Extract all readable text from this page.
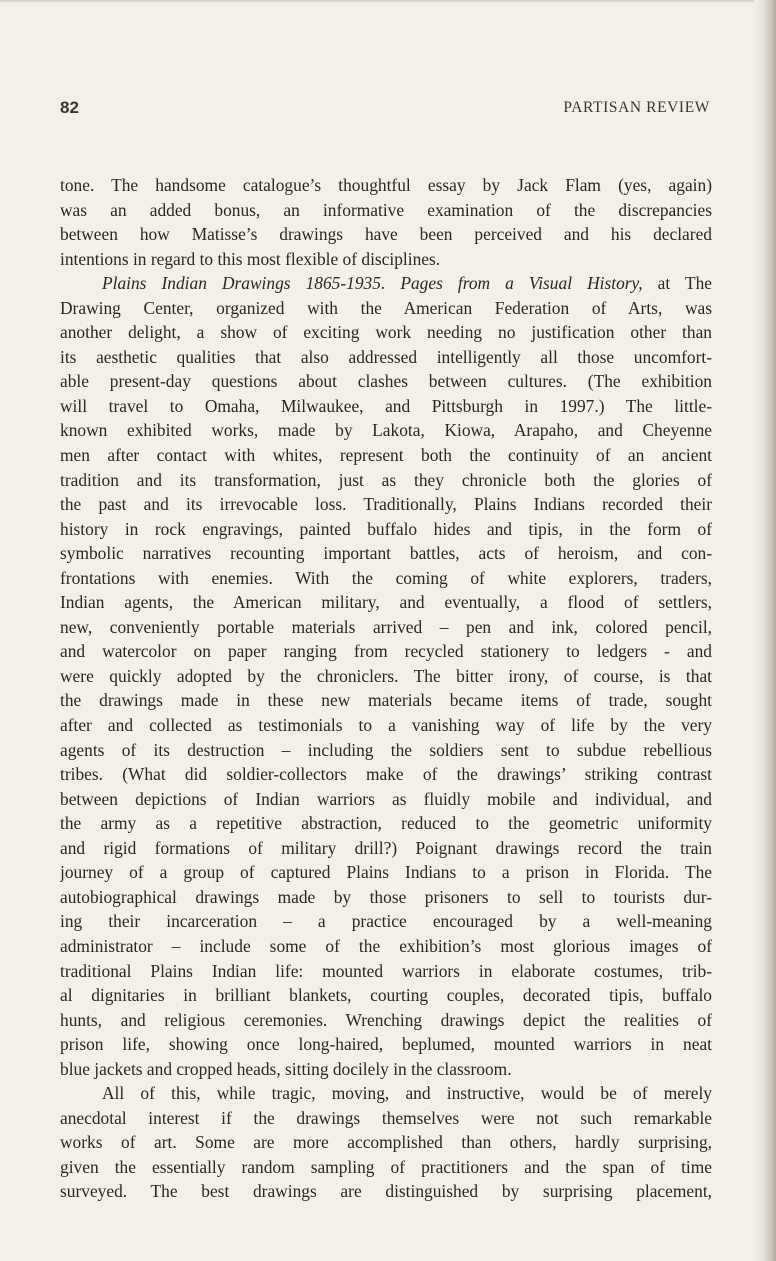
82	PARTISAN REVIEW
tone. The handsome catalogue’s thoughtful essay by Jack Flam (yes, again)
was an added bonus, an informative examination of the discrepancies
between how Matisse’s drawings have been perceived and his declared
intentions in regard to this most flexible of disciplines.
Plains Indian Drawings 1865-1935. Pages from a Visual History, at The
Drawing Center, organized with the American Federation of Arts, was
another delight, a show of exciting work needing no justification other than
its aesthetic qualities that also addressed intelligently all those uncomfort-
able present-day questions about clashes between cultures. (The exhibition
will travel to Omaha, Milwaukee, and Pittsburgh in 1997.) The little-
known exhibited works, made by Lakota, Kiowa, Arapaho, and Cheyenne
men after contact with whites, represent both the continuity of an ancient
tradition and its transformation, just as they chronicle both the glories of
the past and its irrevocable loss. Traditionally, Plains Indians recorded their
history in rock engravings, painted buffalo hides and tipis, in the form of
symbolic narratives recounting important battles, acts of heroism, and con-
frontations with enemies. With the coming of white explorers, traders,
Indian agents, the American military, and eventually, a flood of settlers,
new, conveniently portable materials arrived – pen and ink, colored pencil,
and watercolor on paper ranging from recycled stationery to ledgers - and
were quickly adopted by the chroniclers. The bitter irony, of course, is that
the drawings made in these new materials became items of trade, sought
after and collected as testimonials to a vanishing way of life by the very
agents of its destruction – including the soldiers sent to subdue rebellious
tribes. (What did soldier-collectors make of the drawings’ striking contrast
between depictions of Indian warriors as fluidly mobile and individual, and
the army as a repetitive abstraction, reduced to the geometric uniformity
and rigid formations of military drill?) Poignant drawings record the train
journey of a group of captured Plains Indians to a prison in Florida. The
autobiographical drawings made by those prisoners to sell to tourists dur-
ing their incarceration – a practice encouraged by a well-meaning
administrator – include some of the exhibition’s most glorious images of
traditional Plains Indian life: mounted warriors in elaborate costumes, trib-
al dignitaries in brilliant blankets, courting couples, decorated tipis, buffalo
hunts, and religious ceremonies. Wrenching drawings depict the realities of
prison life, showing once long-haired, beplumed, mounted warriors in neat
blue jackets and cropped heads, sitting docilely in the classroom.
All of this, while tragic, moving, and instructive, would be of merely
anecdotal interest if the drawings themselves were not such remarkable
works of art. Some are more accomplished than others, hardly surprising,
given the essentially random sampling of practitioners and the span of time
surveyed. The best drawings are distinguished by surprising placement,
